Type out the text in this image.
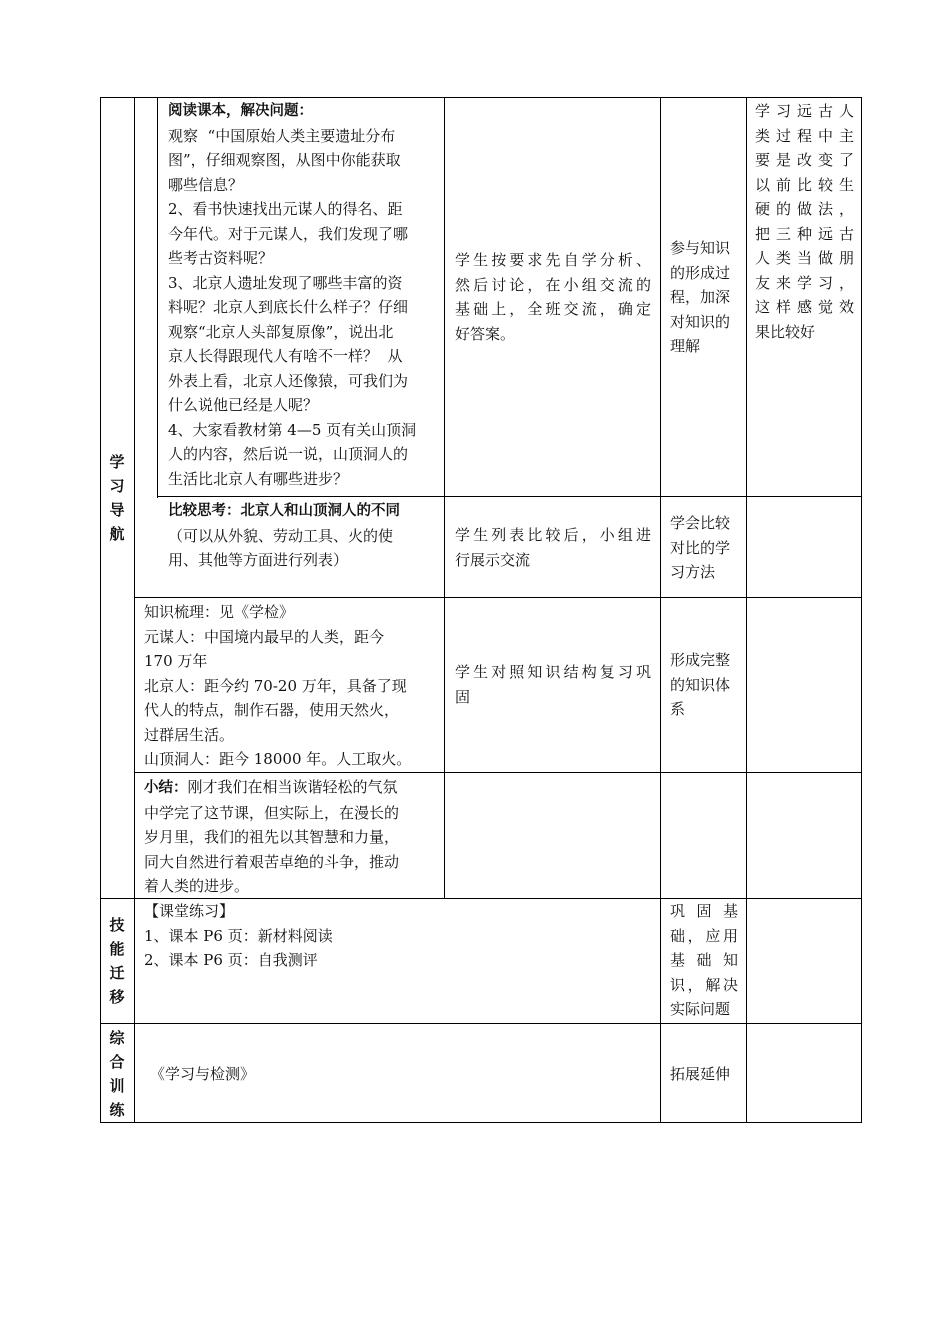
学
习
导
航
技
能
迁
移
综
合
训
练

阅读课本，解决问题：

观察  “中国原始人类主要遗址分布

图”，仔细观察图，从图中你能获取

哪些信息？

2、看书快速找出元谋人的得名、距

今年代。对于元谋人，我们发现了哪

些考古资料呢？

3、北京人遗址发现了哪些丰富的资

料呢？北京人到底长什么样子？仔细

观察“北京人头部复原像”，说出北

京人长得跟现代人有啥不一样？  从

外表上看，北京人还像猿，可我们为

什么说他已经是人呢？

4、大家看教材第 4—5 页有关山顶洞

人的内容，然后说一说，山顶洞人的

生活比北京人有哪些进步？

学生按要求先自学分析、

然后讨论，在小组交流的

基础上，全班交流，确定

好答案。

参与知识

的形成过

程，加深

对知识的

理解

学习远古人

类过程中主

要是改变了

以前比较生

硬的做法，

把三种远古

人类当做朋

友来学习，

这样感觉效

果比较好

比较思考：北京人和山顶洞人的不同

（可以从外貌、劳动工具、火的使

用、其他等方面进行列表）

学生列表比较后，小组进

行展示交流

学会比较

对比的学

习方法

知识梳理：见《学检》

元谋人：中国境内最早的人类，距今

170 万年

北京人：距今约 70-20 万年，具备了现

代人的特点，制作石器，使用天然火，

过群居生活。

山顶洞人：距今 18000 年。人工取火。

学生对照知识结构复习巩

固

形成完整

的知识体

系

小结：刚才我们在相当诙谐轻松的气氛

中学完了这节课，但实际上，在漫长的

岁月里，我们的祖先以其智慧和力量，

同大自然进行着艰苦卓绝的斗争，推动

着人类的进步。

【课堂练习】

1、课本 P6 页：新材料阅读

2、课本 P6 页：自我测评

巩 固 基

础，应用

基 础 知

识，解决

实际问题

《学习与检测》	拓展延伸
